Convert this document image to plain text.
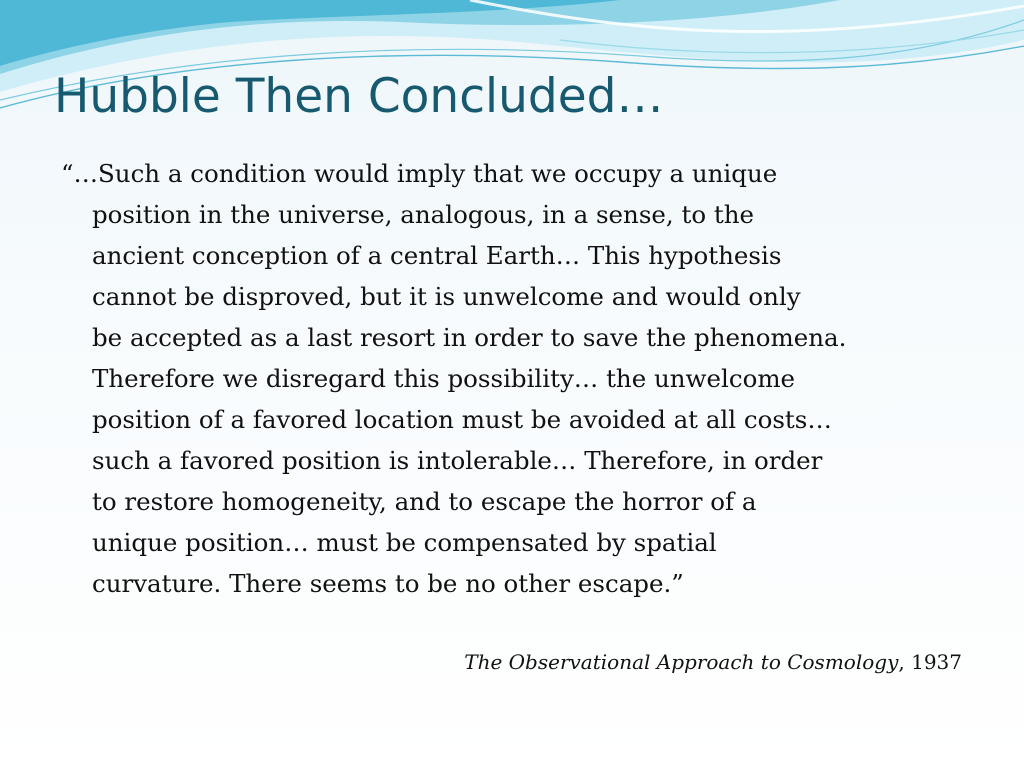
Hubble Then Concluded…
“…Such a condition would imply that we occupy a unique
position in the universe, analogous, in a sense, to the
ancient conception of a central Earth… This hypothesis
cannot be disproved, but it is unwelcome and would only
be accepted as a last resort in order to save the phenomena.
Therefore we disregard this possibility… the unwelcome
position of a favored location must be avoided at all costs…
such a favored position is intolerable… Therefore, in order
to restore homogeneity, and to escape the horror of a
unique position… must be compensated by spatial
curvature. There seems to be no other escape.”
The Observational Approach to Cosmology, 1937
